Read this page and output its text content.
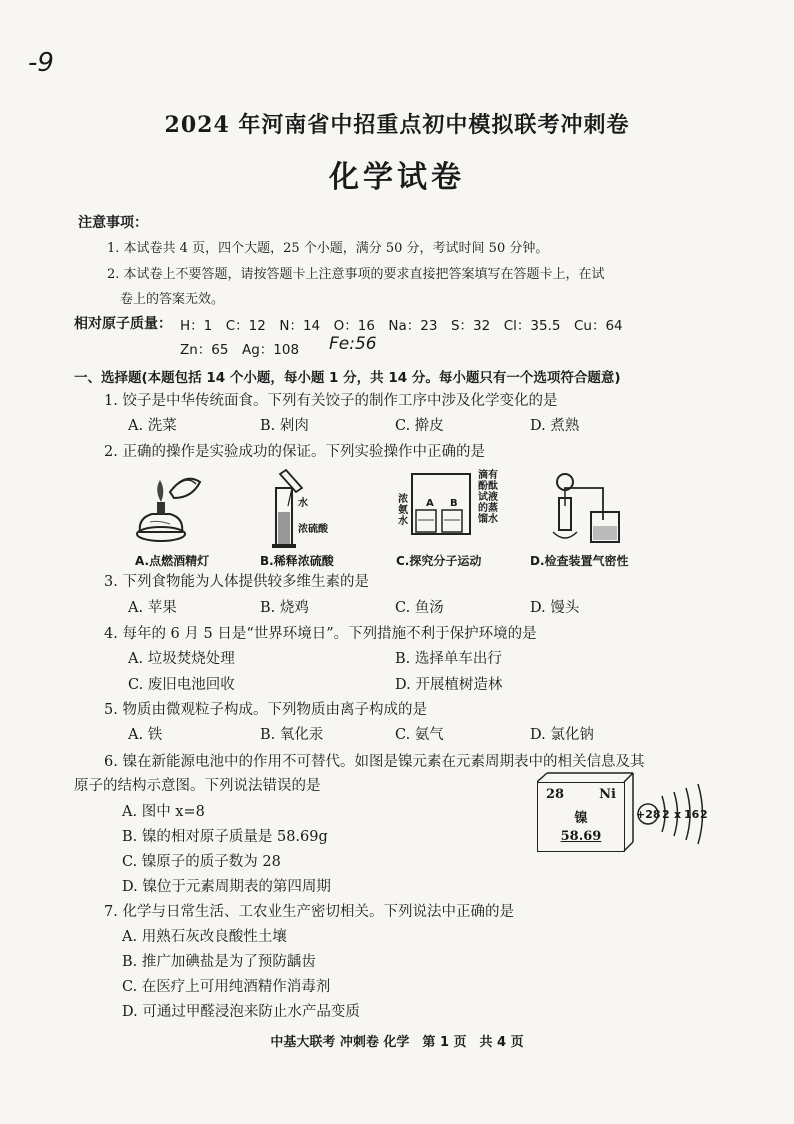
-9
2024 年河南省中招重点初中模拟联考冲刺卷
化学试卷
注意事项：
1. 本试卷共 4 页，四个大题，25 个小题，满分 50 分，考试时间 50 分钟。
2. 本试卷上不要答题，请按答题卡上注意事项的要求直接把答案填写在答题卡上，在试
卷上的答案无效。
相对原子质量： H：1　C：12　N：14　O：16　Na：23　S：32　Cl：35.5　Cu：64
Zn：65　Ag：108 Fe:56
一、选择题(本题包括 14 个小题，每小题 1 分，共 14 分。每小题只有一个选项符合题意)
1. 饺子是中华传统面食。下列有关饺子的制作工序中涉及化学变化的是
A. 洗菜	B. 剁肉	C. 擀皮	D. 煮熟
2. 正确的操作是实验成功的保证。下列实验操作中正确的是
A B
浓氨水
滴有酚酞试液的蒸馏水
水
浓硫酸
A.点燃酒精灯	B.稀释浓硫酸	C.探究分子运动	D.检查装置气密性
3. 下列食物能为人体提供较多维生素的是
A. 苹果	B. 烧鸡	C. 鱼汤	D. 馒头
4. 每年的 6 月 5 日是“世界环境日”。下列措施不利于保护环境的是
A. 垃圾焚烧处理	B. 选择单车出行
C. 废旧电池回收	D. 开展植树造林
5. 物质由微观粒子构成。下列物质由离子构成的是
A. 铁	B. 氧化汞	C. 氨气	D. 氯化钠
6. 镍在新能源电池中的作用不可替代。如图是镍元素在元素周期表中的相关信息及其
原子的结构示意图。下列说法错误的是
A. 图中 x=8
B. 镍的相对原子质量是 58.69g
C. 镍原子的质子数为 28
D. 镍位于元素周期表的第四周期
28	Ni
镍
58.69
+28 2 x 16 2
7. 化学与日常生活、工农业生产密切相关。下列说法中正确的是
A. 用熟石灰改良酸性土壤
B. 推广加碘盐是为了预防龋齿
C. 在医疗上可用纯酒精作消毒剂
D. 可通过甲醛浸泡来防止水产品变质
中基大联考 冲刺卷 化学　第 1 页　共 4 页
